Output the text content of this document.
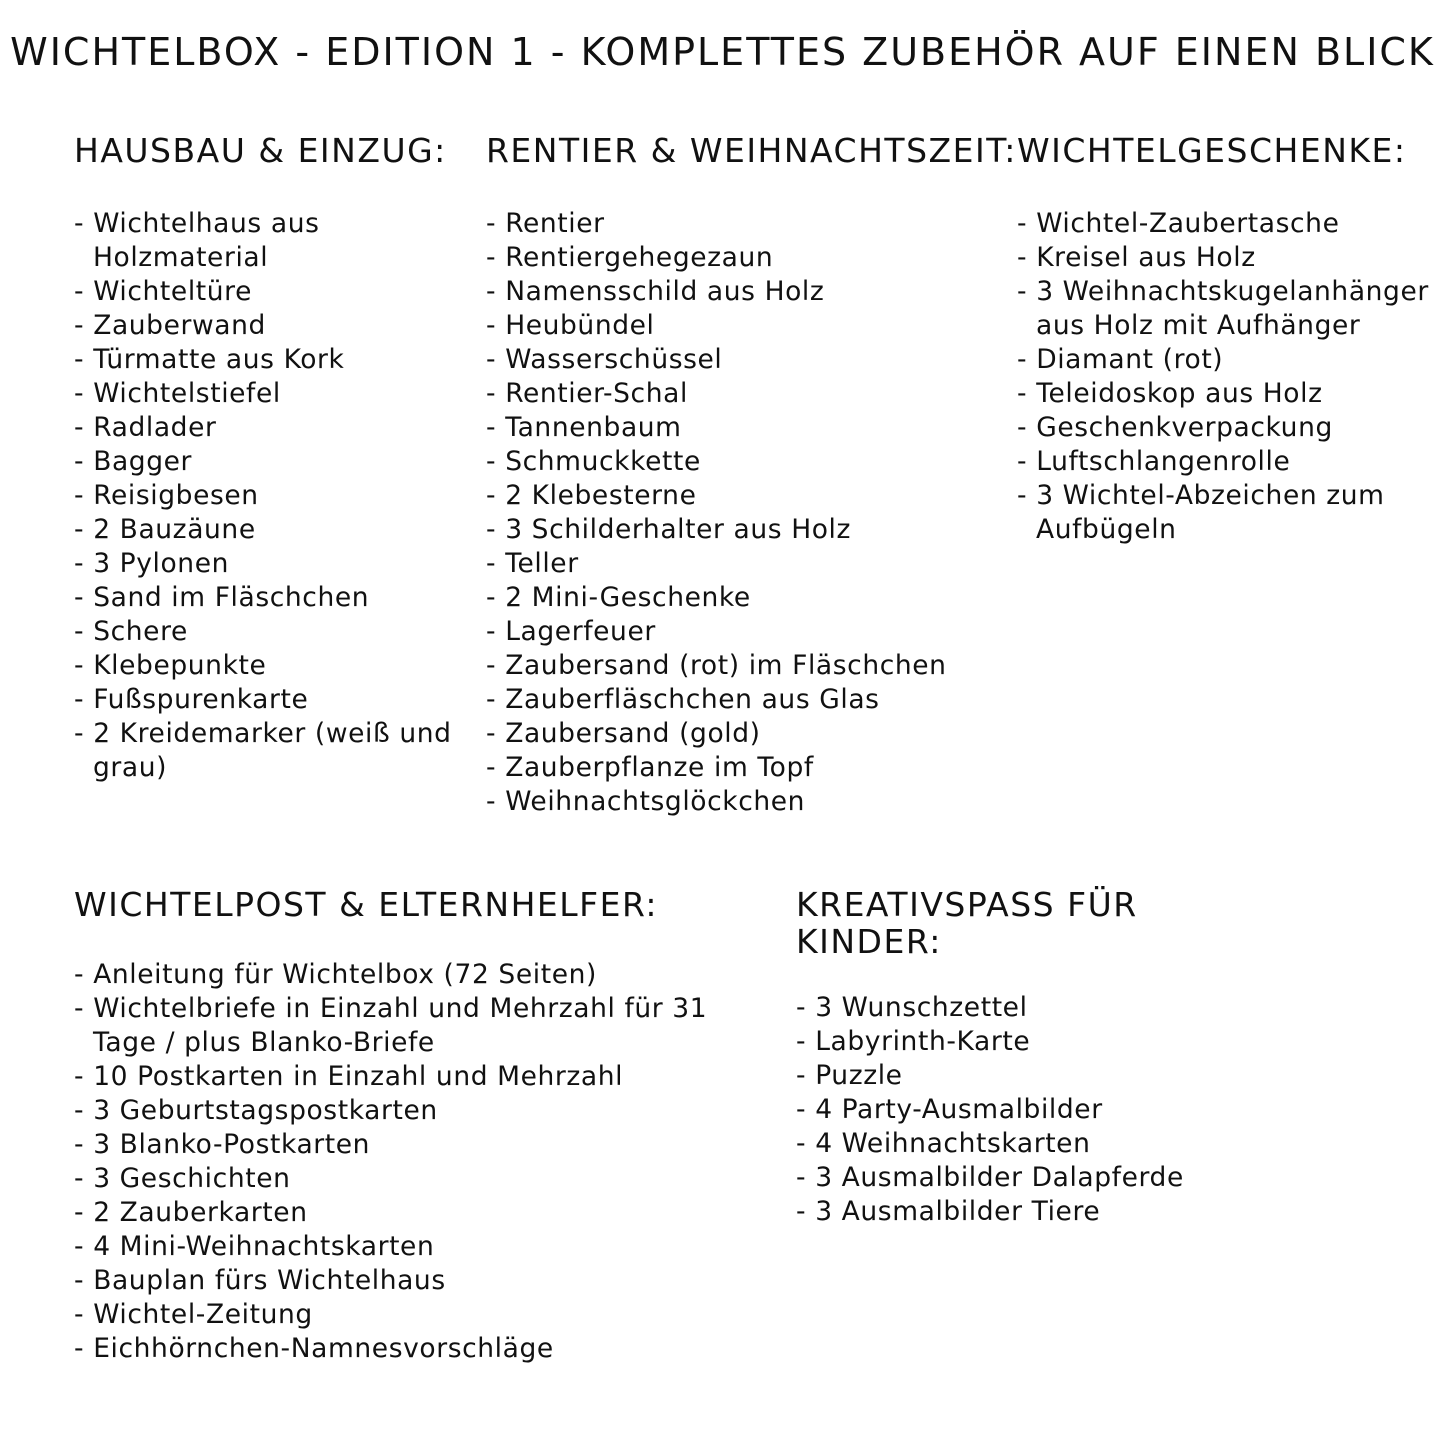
WICHTELBOX - EDITION 1 - KOMPLETTES ZUBEHÖR AUF EINEN BLICK
HAUSBAU & EINZUG:
- Wichtelhaus aus Holzmaterial
- Wichteltüre
- Zauberwand
- Türmatte aus Kork
- Wichtelstiefel
- Radlader
- Bagger
- Reisigbesen
- 2 Bauzäune
- 3 Pylonen
- Sand im Fläschchen
- Schere
- Klebepunkte
- Fußspurenkarte
- 2 Kreidemarker (weiß und grau)
RENTIER & WEIHNACHTSZEIT:
- Rentier
- Rentiergehegezaun
- Namensschild aus Holz
- Heubündel
- Wasserschüssel
- Rentier-Schal
- Tannenbaum
- Schmuckkette
- 2 Klebesterne
- 3 Schilderhalter aus Holz
- Teller
- 2 Mini-Geschenke
- Lagerfeuer
- Zaubersand (rot) im Fläschchen
- Zauberfläschchen aus Glas
- Zaubersand (gold)
- Zauberpflanze im Topf
- Weihnachtsglöckchen
WICHTELGESCHENKE:
- Wichtel-Zaubertasche
- Kreisel aus Holz
- 3 Weihnachtskugelanhänger aus Holz mit Aufhänger
- Diamant (rot)
- Teleidoskop aus Holz
- Geschenkverpackung
- Luftschlangenrolle
- 3 Wichtel-Abzeichen zum Aufbügeln
WICHTELPOST & ELTERNHELFER:
- Anleitung für Wichtelbox (72 Seiten)
- Wichtelbriefe in Einzahl und Mehrzahl für 31 Tage / plus Blanko-Briefe
- 10 Postkarten in Einzahl und Mehrzahl
- 3 Geburtstagspostkarten
- 3 Blanko-Postkarten
- 3 Geschichten
- 2 Zauberkarten
- 4 Mini-Weihnachtskarten
- Bauplan fürs Wichtelhaus
- Wichtel-Zeitung
- Eichhörnchen-Namnesvorschläge
KREATIVSPASS FÜR KINDER:
- 3 Wunschzettel
- Labyrinth-Karte
- Puzzle
- 4 Party-Ausmalbilder
- 4 Weihnachtskarten
- 3 Ausmalbilder Dalapferde
- 3 Ausmalbilder Tiere
